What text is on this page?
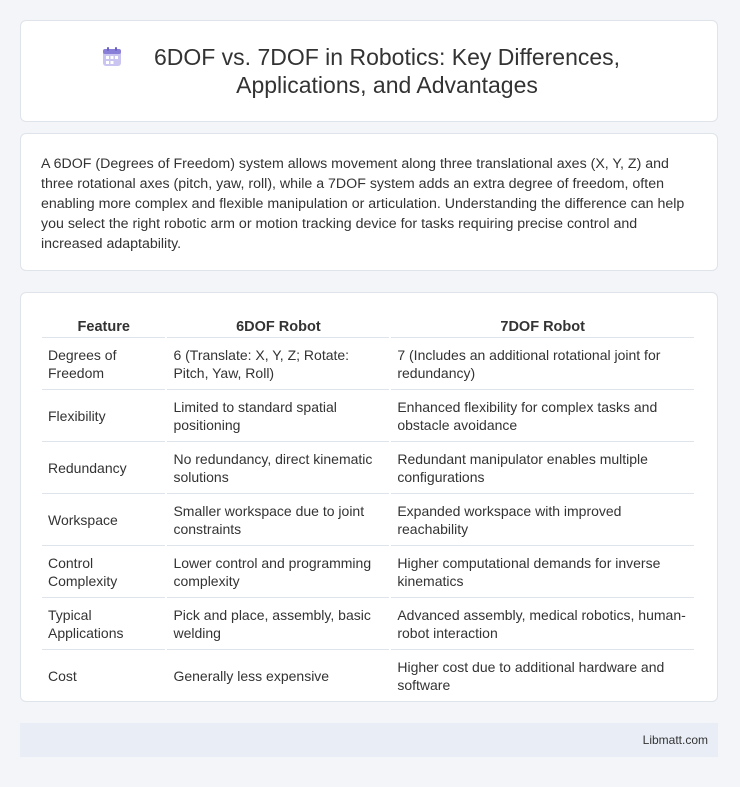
6DOF vs. 7DOF in Robotics: Key Differences, Applications, and Advantages

A 6DOF (Degrees of Freedom) system allows movement along three translational axes (X, Y, Z) and three rotational axes (pitch, yaw, roll), while a 7DOF system adds an extra degree of freedom, often enabling more complex and flexible manipulation or articulation. Understanding the difference can help you select the right robotic arm or motion tracking device for tasks requiring precise control and increased adaptability.

Feature	6DOF Robot	7DOF Robot
Degrees of Freedom	6 (Translate: X, Y, Z; Rotate: Pitch, Yaw, Roll)	7 (Includes an additional rotational joint for redundancy)
Flexibility	Limited to standard spatial positioning	Enhanced flexibility for complex tasks and obstacle avoidance
Redundancy	No redundancy, direct kinematic solutions	Redundant manipulator enables multiple configurations
Workspace	Smaller workspace due to joint constraints	Expanded workspace with improved reachability
Control Complexity	Lower control and programming complexity	Higher computational demands for inverse kinematics
Typical Applications	Pick and place, assembly, basic welding	Advanced assembly, medical robotics, human-robot interaction
Cost	Generally less expensive	Higher cost due to additional hardware and software
Libmatt.com
